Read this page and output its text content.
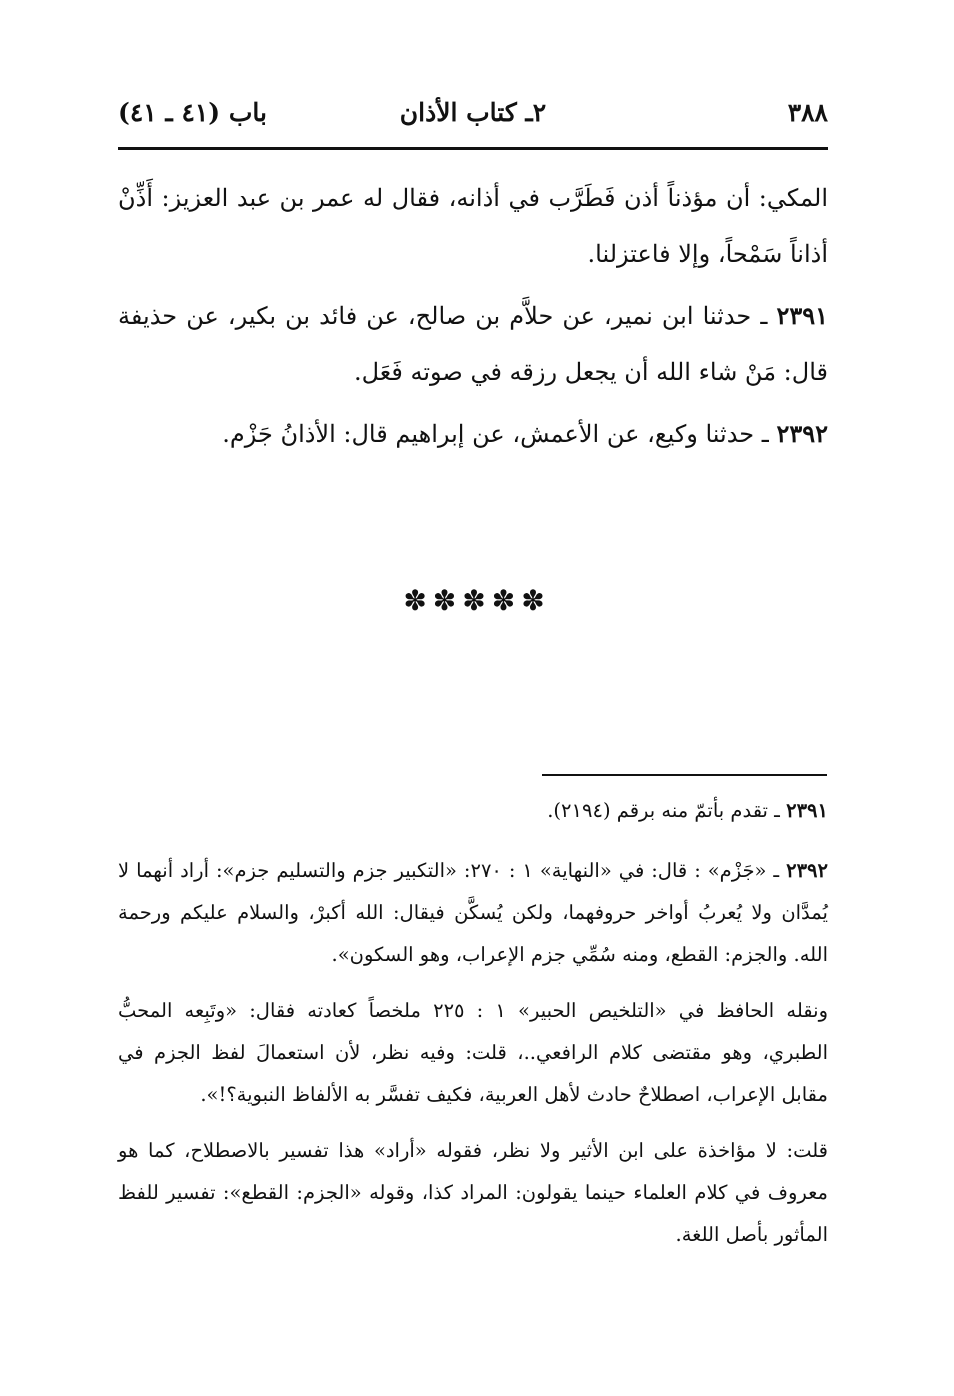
٣٨٨
٢ـ كتاب الأذان
باب (٤١ ـ ٤١)

المكي: أن مؤذناً أذن فَطَرَّب في أذانه، فقال له عمر بن عبد العزيز: أَذِّنْ أذاناً سَمْحاً، وإلا فاعتزلنا.

٢٣٩١ ـ حدثنا ابن نمير، عن حلاَّم بن صالح، عن فائد بن بكير، عن حذيفة قال: مَنْ شاء الله أن يجعل رزقه في صوته فَعَل.

٢٣٩٢ ـ حدثنا وكيع، عن الأعمش، عن إبراهيم قال: الأذانُ جَزْم.

✽✽✽✽✽

٢٣٩١ ـ تقدم بأتمّ منه برقم (٢١٩٤).

٢٣٩٢ ـ «جَزْم» : قال: في «النهاية» ١ : ٢٧٠: «التكبير جزم والتسليم جزم»: أراد أنهما لا يُمدَّان ولا يُعربُ أواخر حروفهما، ولكن يُسكَّن فيقال: الله أكبرْ، والسلام عليكم ورحمة الله. والجزم: القطع، ومنه سُمِّي جزم الإعراب، وهو السكون».

ونقله الحافظ في «التلخيص الحبير» ١ : ٢٢٥ ملخصاً كعادته فقال: «وتَبِعه المحبُّ الطبري، وهو مقتضى كلام الرافعي..، قلت: وفيه نظر، لأن استعمالَ لفظ الجزم في مقابل الإعراب، اصطلاحٌ حادث لأهل العربية، فكيف تفسَّر به الألفاظ النبوية؟!».

قلت: لا مؤاخذة على ابن الأثير ولا نظر، فقوله «أراد» هذا تفسير بالاصطلاح، كما هو معروف في كلام العلماء حينما يقولون: المراد كذا، وقوله «الجزم: القطع»: تفسير للفظ المأثور بأصل اللغة.
